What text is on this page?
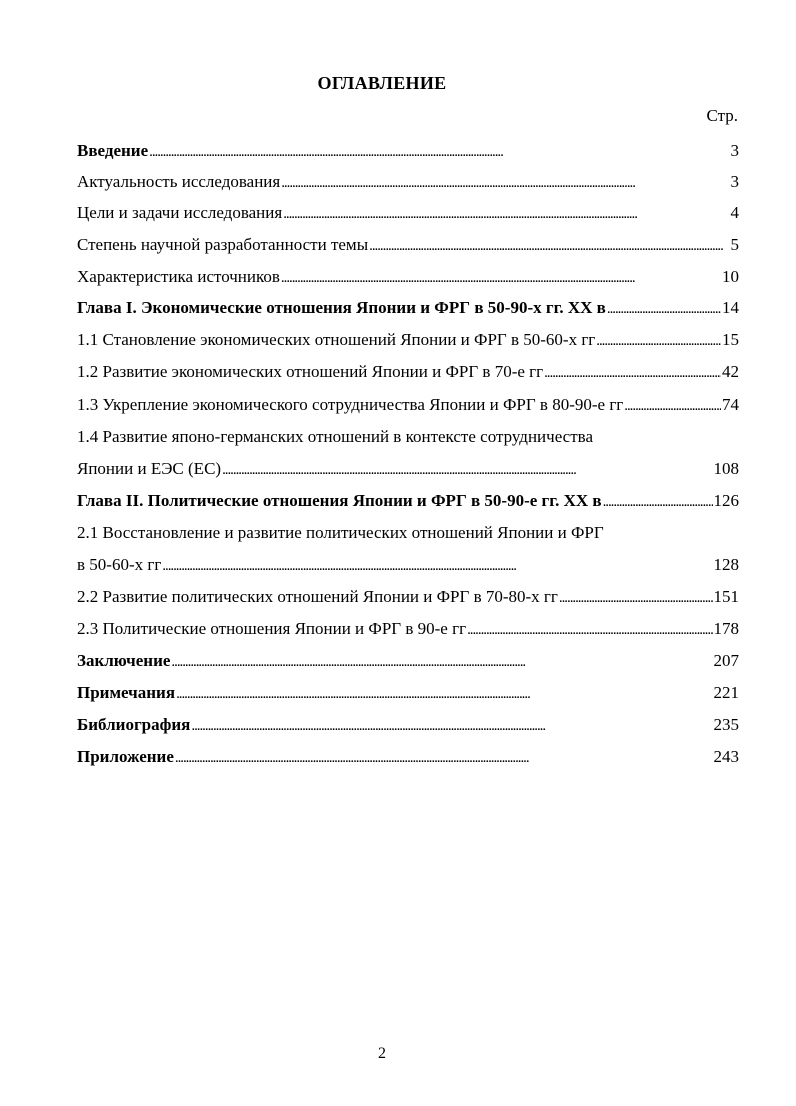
ОГЛАВЛЕНИЕ
Стр.
Введение . . .	3
Актуальность исследования . . .	3
Цели и задачи исследования . . .	4
Степень научной разработанности темы . . .	5
Характеристика источников . . .	10
Глава I. Экономические отношения Японии и ФРГ в 50-90-х гг. XX в . . .	14
1.1 Становление экономических отношений Японии и ФРГ в 50-60-х гг . . .	15
1.2 Развитие экономических отношений Японии и ФРГ в 70-е гг . . .	42
1.3 Укрепление экономического сотрудничества Японии и ФРГ в 80-90-е гг . . .	74
1.4 Развитие японо-германских отношений в контексте сотрудничества
Японии и ЕЭС (ЕС) . . .	108
Глава II. Политические отношения Японии и ФРГ в 50-90-е гг. XX в . . .	126
2.1 Восстановление и развитие политических отношений Японии и ФРГ
в 50-60-х гг . . .	128
2.2 Развитие политических отношений Японии и ФРГ в 70-80-х гг . . .	151
2.3 Политические отношения Японии и ФРГ в 90-е гг . . .	178
Заключение . . .	207
Примечания . . .	221
Библиография . . .	235
Приложение . . .	243
2
